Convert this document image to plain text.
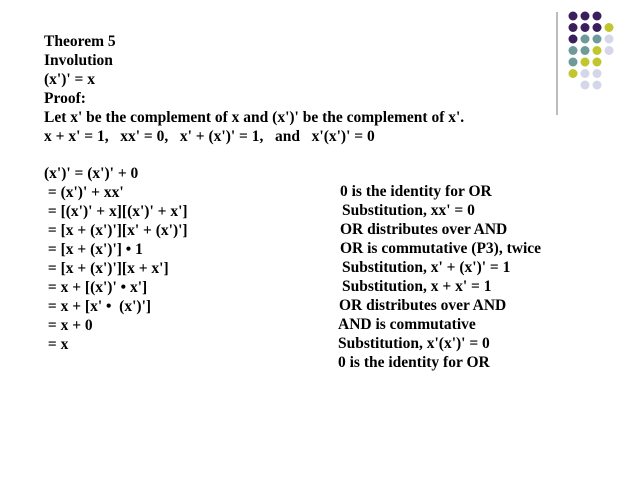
Theorem 5
Involution
(x')' = x
Proof:
Let x' be the complement of x and (x')' be the complement of x'.
x + x' = 1,   xx' = 0,   x' + (x')' = 1,   and   x'(x')' = 0

(x')' = (x')' + 0

0 is the identity for OR

= (x')' + xx'

Substitution, xx' = 0

= [(x')' + x][(x')' + x']

OR distributes over AND

= [x + (x')'][x' + (x')']

OR is commutative (P3), twice

= [x + (x')'] • 1

Substitution, x' + (x')' = 1

= [x + (x')'][x + x']

Substitution, x + x' = 1

= x + [(x')' • x']

OR distributes over AND

= x + [x' •  (x')']

AND is commutative

= x + 0

Substitution, x'(x')' = 0

= x

0 is the identity for OR
